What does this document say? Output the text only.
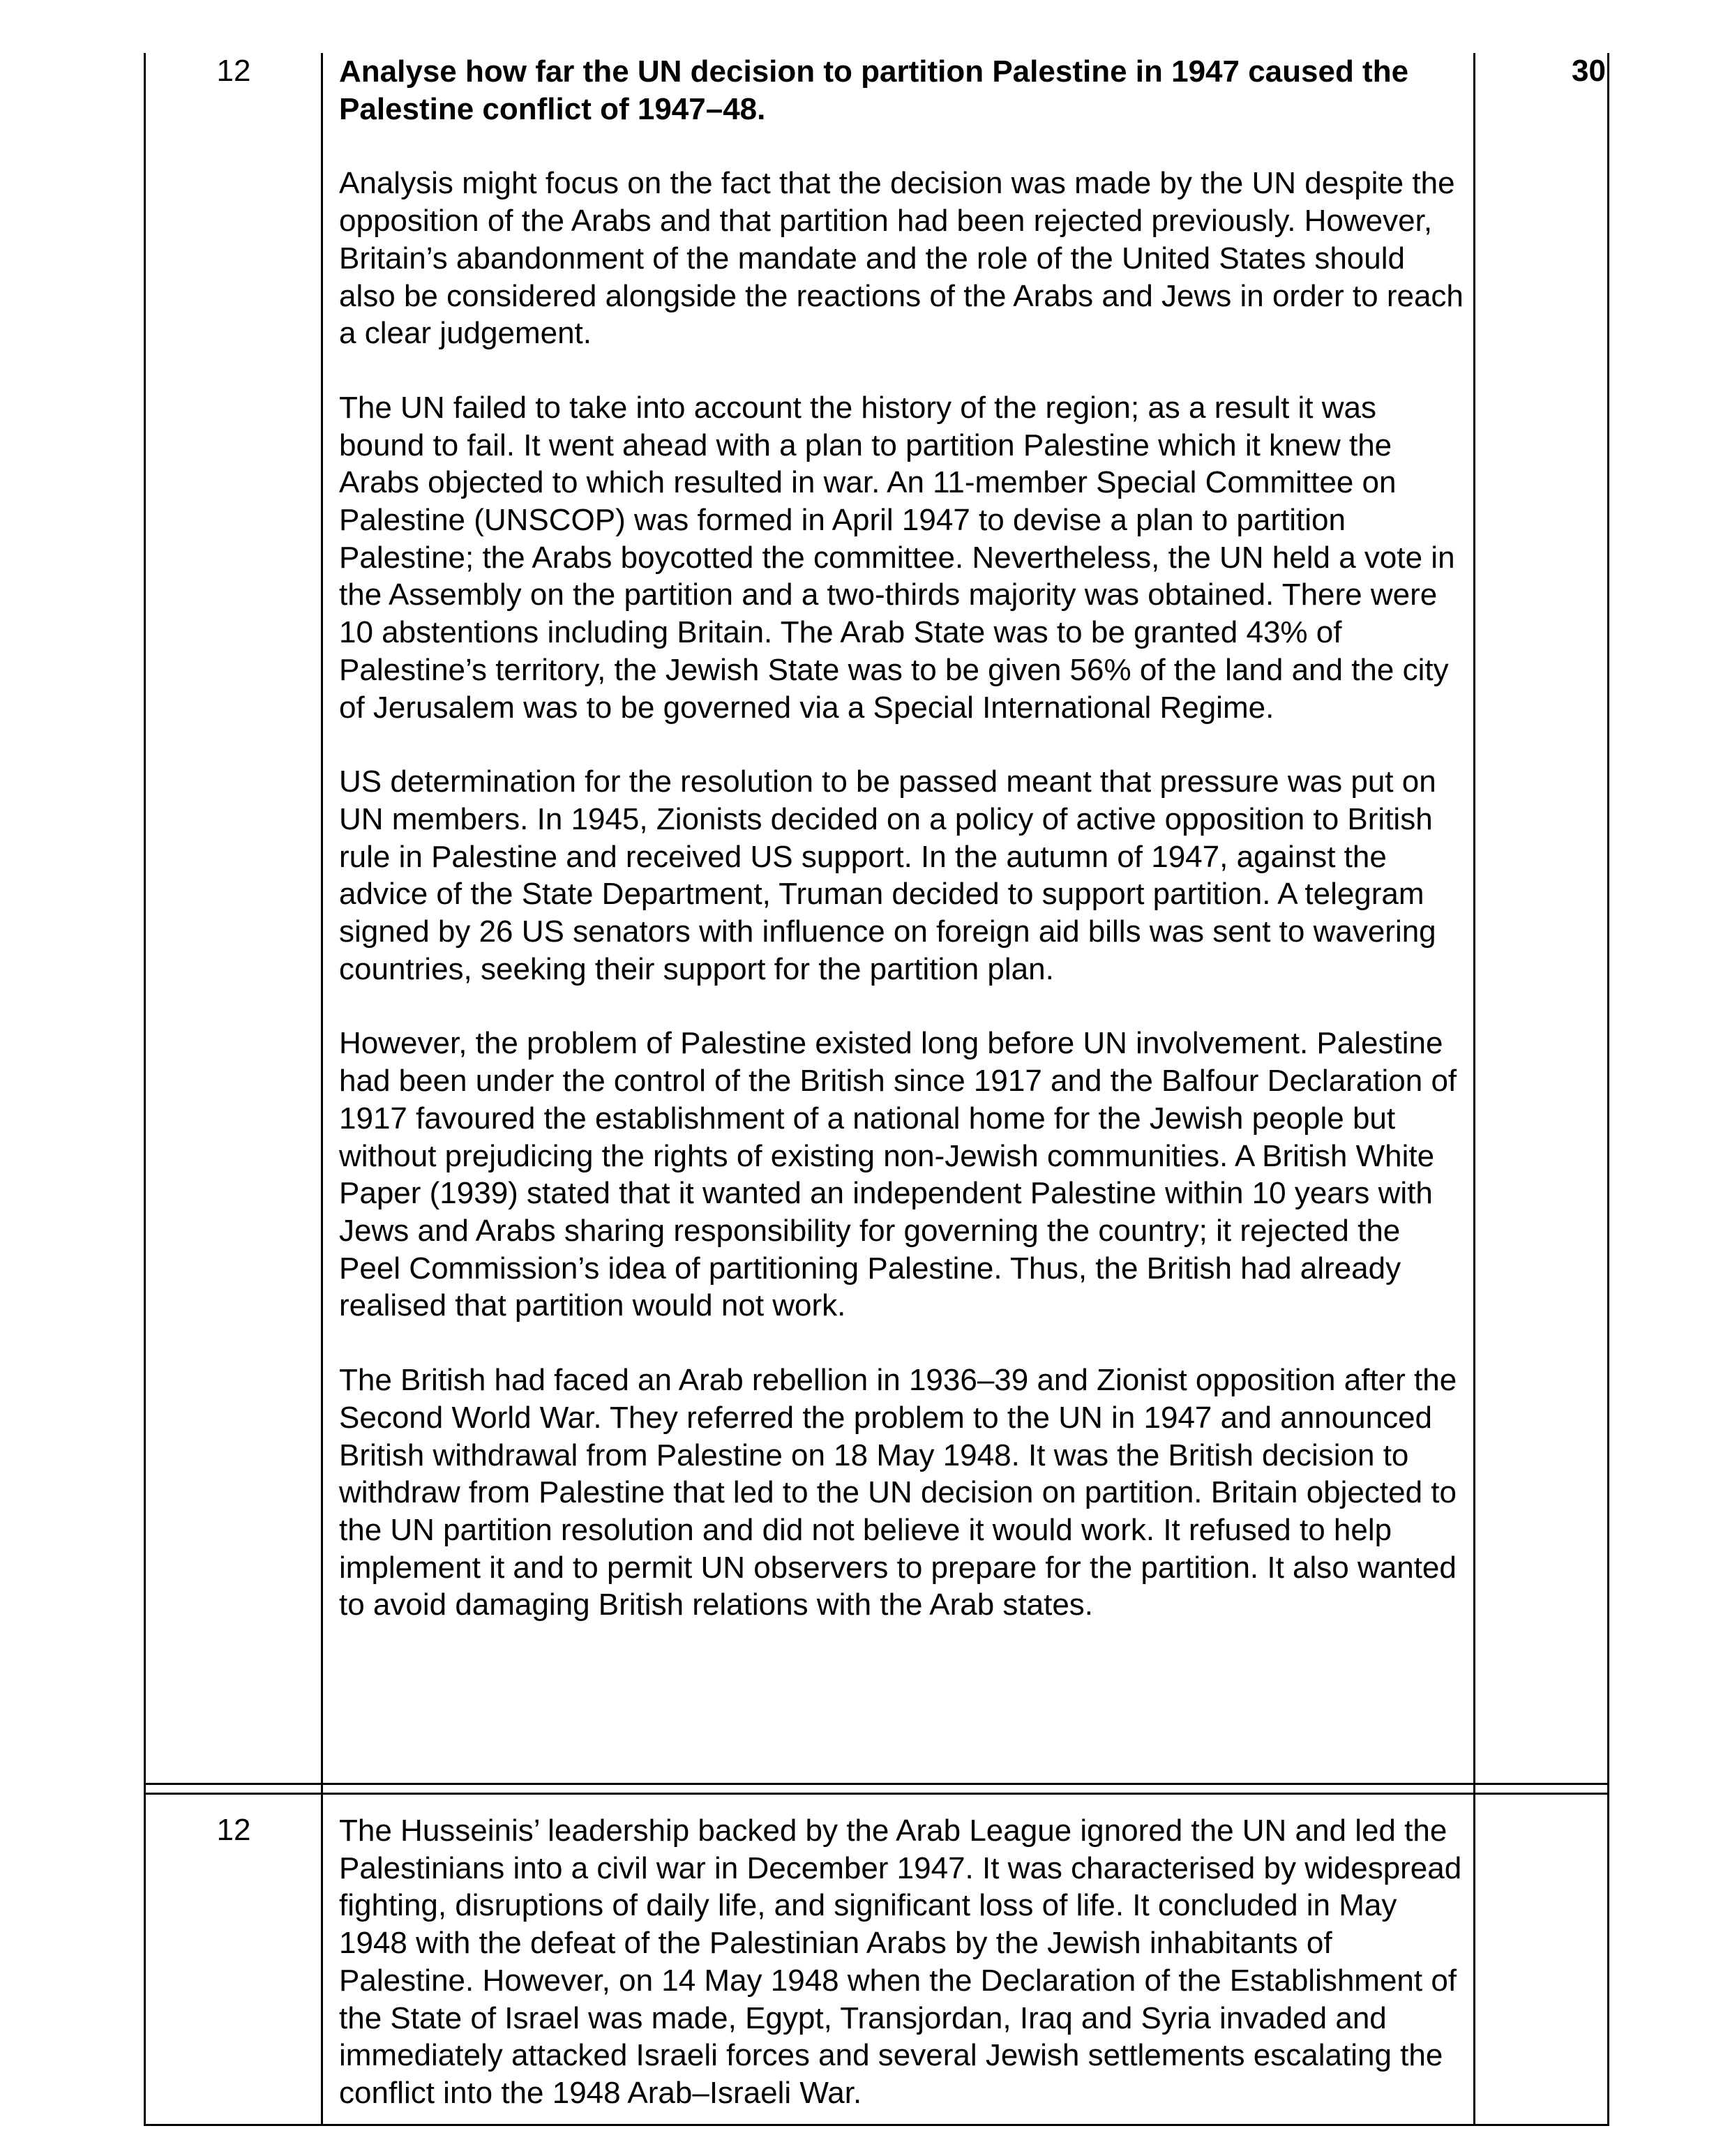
12	30

Analyse how far the UN decision to partition Palestine in 1947 caused the Palestine conflict of 1947–48.

Analysis might focus on the fact that the decision was made by the UN despite the opposition of the Arabs and that partition had been rejected previously. However, Britain’s abandonment of the mandate and the role of the United States should also be considered alongside the reactions of the Arabs and Jews in order to reach a clear judgement.

The UN failed to take into account the history of the region; as a result it was bound to fail. It went ahead with a plan to partition Palestine which it knew the Arabs objected to which resulted in war. An 11-member Special Committee on Palestine (UNSCOP) was formed in April 1947 to devise a plan to partition Palestine; the Arabs boycotted the committee. Nevertheless, the UN held a vote in the Assembly on the partition and a two-thirds majority was obtained. There were 10 abstentions including Britain. The Arab State was to be granted 43% of Palestine’s territory, the Jewish State was to be given 56% of the land and the city of Jerusalem was to be governed via a Special International Regime.

US determination for the resolution to be passed meant that pressure was put on UN members. In 1945, Zionists decided on a policy of active opposition to British rule in Palestine and received US support. In the autumn of 1947, against the advice of the State Department, Truman decided to support partition. A telegram signed by 26 US senators with influence on foreign aid bills was sent to wavering countries, seeking their support for the partition plan.

However, the problem of Palestine existed long before UN involvement. Palestine had been under the control of the British since 1917 and the Balfour Declaration of 1917 favoured the establishment of a national home for the Jewish people but without prejudicing the rights of existing non-Jewish communities. A British White Paper (1939) stated that it wanted an independent Palestine within 10 years with Jews and Arabs sharing responsibility for governing the country; it rejected the Peel Commission’s idea of partitioning Palestine. Thus, the British had already realised that partition would not work.

The British had faced an Arab rebellion in 1936–39 and Zionist opposition after the Second World War. They referred the problem to the UN in 1947 and announced British withdrawal from Palestine on 18 May 1948. It was the British decision to withdraw from Palestine that led to the UN decision on partition. Britain objected to the UN partition resolution and did not believe it would work. It refused to help implement it and to permit UN observers to prepare for the partition. It also wanted to avoid damaging British relations with the Arab states.

12	The Husseinis’ leadership backed by the Arab League ignored the UN and led the Palestinians into a civil war in December 1947. It was characterised by widespread fighting, disruptions of daily life, and significant loss of life. It concluded in May 1948 with the defeat of the Palestinian Arabs by the Jewish inhabitants of Palestine. However, on 14 May 1948 when the Declaration of the Establishment of the State of Israel was made, Egypt, Transjordan, Iraq and Syria invaded and immediately attacked Israeli forces and several Jewish settlements escalating the conflict into the 1948 Arab–Israeli War.
